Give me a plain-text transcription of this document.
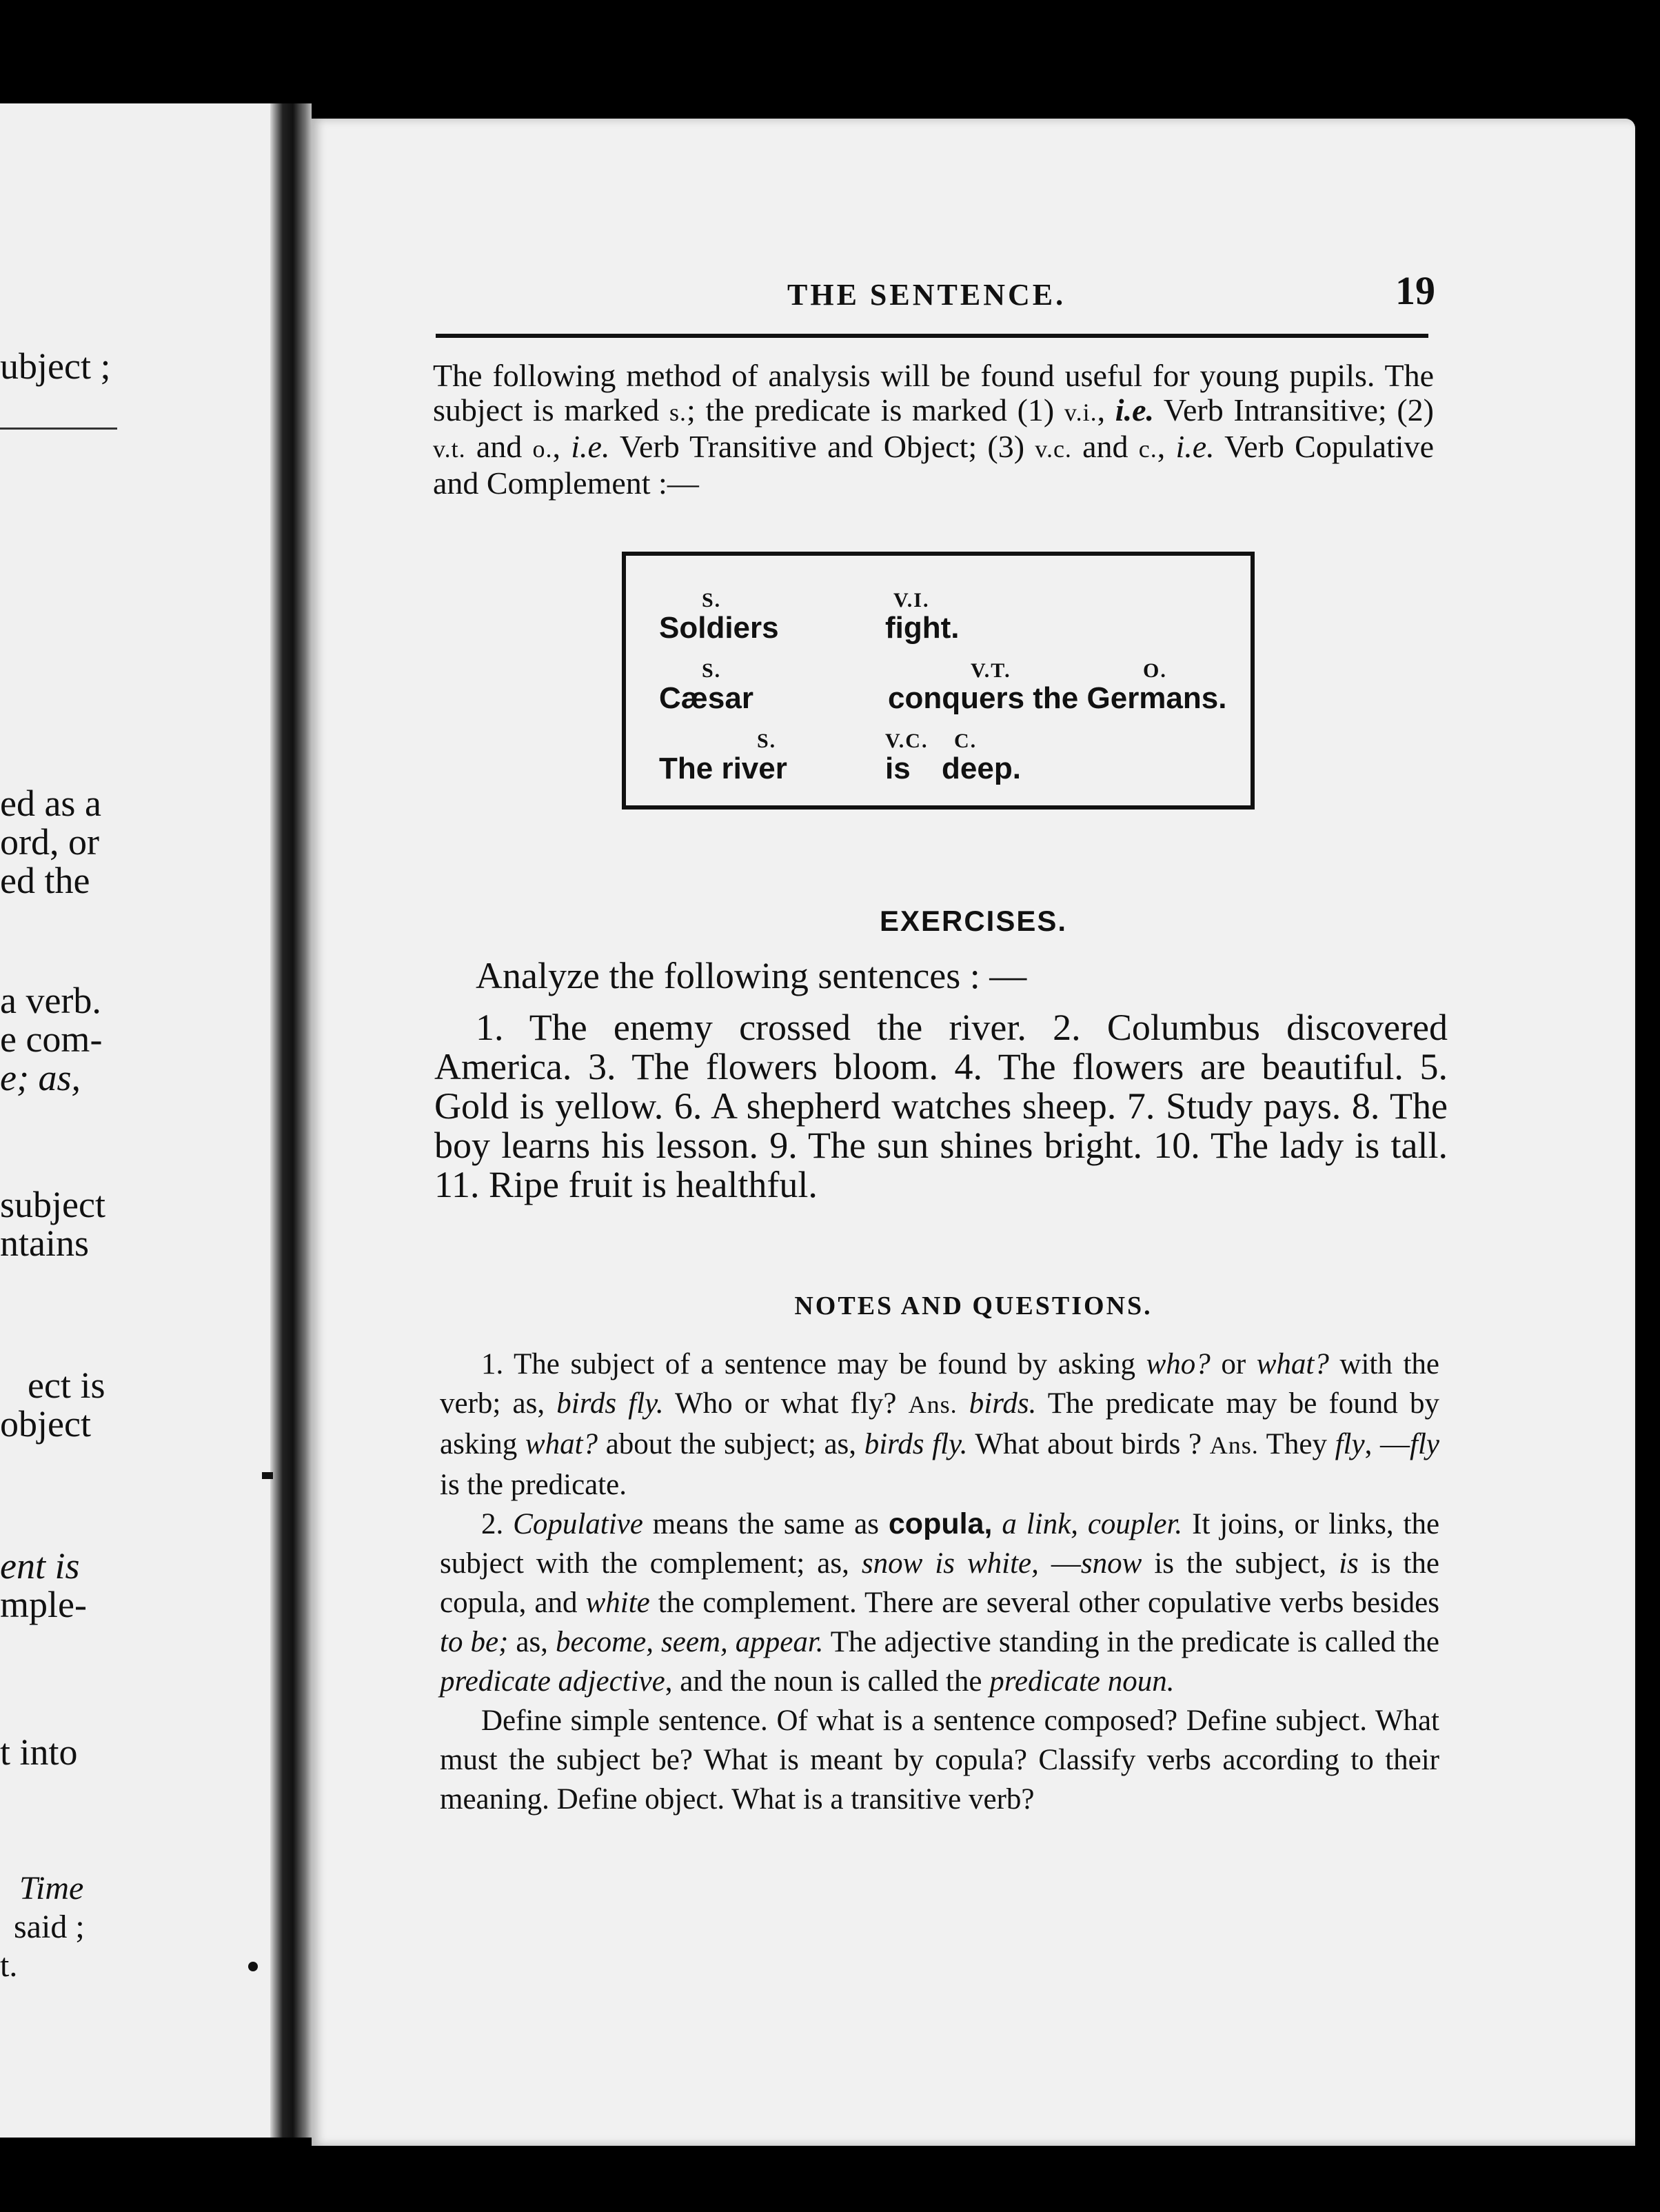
ubject ;
ed as a
ord, or
ed the
a verb.
e com-
e; as,
subject
ntains
ect is
object
ent is
mple-
t into
Time
said ;
t.
THE SENTENCE.	19

The following method of analysis will be found useful for young pupils. The subject is marked s.; the predicate is marked (1) v.i., i.e. Verb Intransitive; (2) v.t. and o., i.e. Verb Transitive and Object; (3) v.c. and c., i.e. Verb Copulative and Complement :—

S.	V.I.
Soldiers	fight.
S.	V.T.	O.
Cæsar	conquers the Germans.
S.	V.C. C.
The river	is deep.
EXERCISES.
Analyze the following sentences : —

1. The enemy crossed the river. 2. Columbus discovered America. 3. The flowers bloom. 4. The flowers are beautiful. 5. Gold is yellow. 6. A shepherd watches sheep. 7. Study pays. 8. The boy learns his lesson. 9. The sun shines bright. 10. The lady is tall. 11. Ripe fruit is healthful.

NOTES AND QUESTIONS.

1. The subject of a sentence may be found by asking who? or what? with the verb; as, birds fly. Who or what fly? Ans. birds. The predicate may be found by asking what? about the subject; as, birds fly. What about birds ? Ans. They fly, —fly is the predicate.

2. Copulative means the same as copula, a link, coupler. It joins, or links, the subject with the complement; as, snow is white, —snow is the subject, is is the copula, and white the complement. There are several other copulative verbs besides to be; as, become, seem, appear. The adjective standing in the predicate is called the predicate adjective, and the noun is called the predicate noun.

Define simple sentence. Of what is a sentence composed? Define subject. What must the subject be? What is meant by copula? Classify verbs according to their meaning. Define object. What is a transitive verb?
